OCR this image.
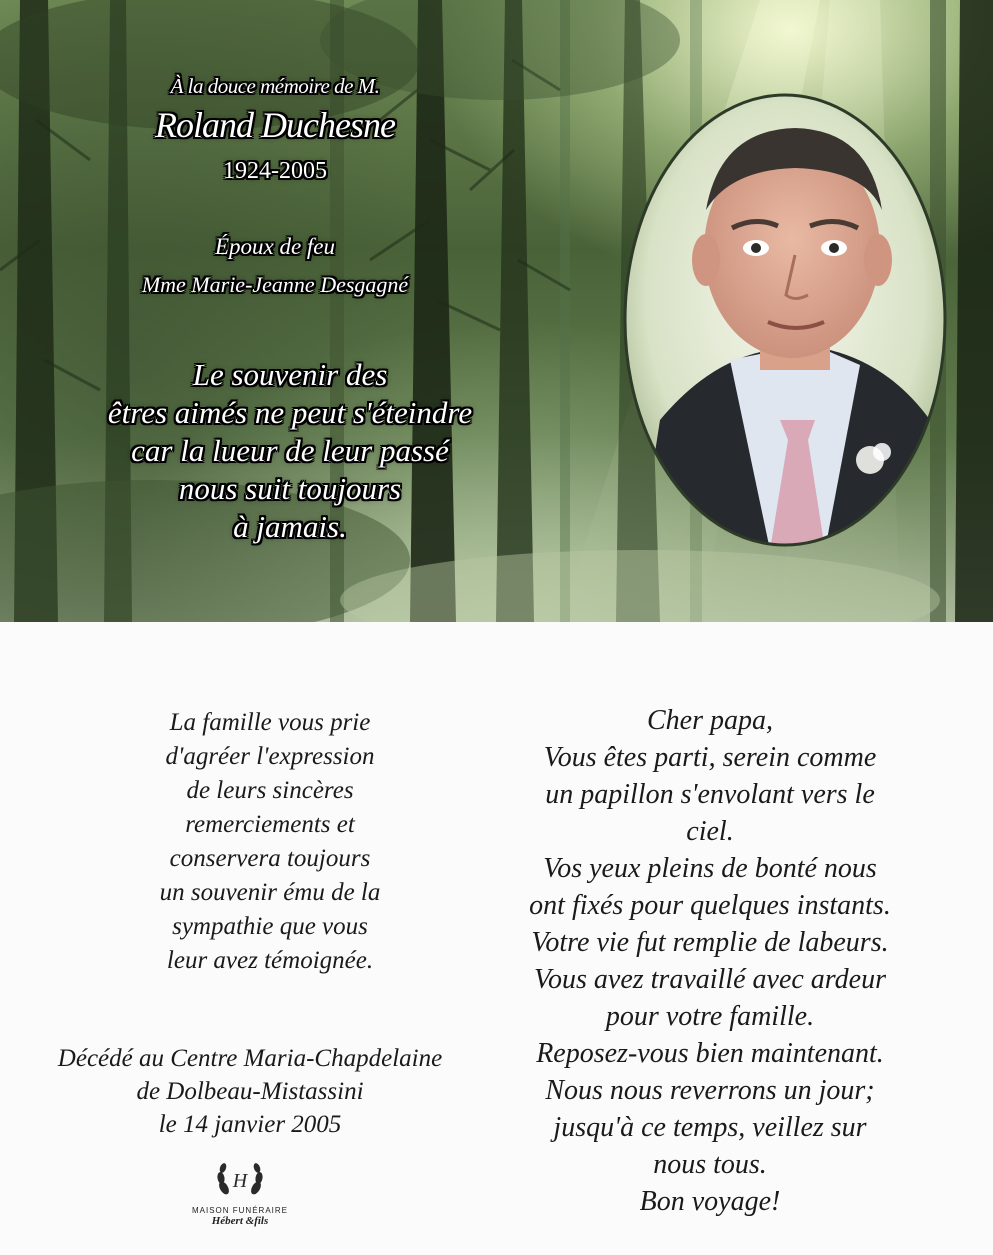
À la douce mémoire de M.
Roland Duchesne
1924-2005
Époux de feu
Mme Marie-Jeanne Desgagné
Le souvenir des
êtres aimés ne peut s'éteindre
car la lueur de leur passé
nous suit toujours
à jamais.
La famille vous prie
d'agréer l'expression
de leurs sincères
remerciements et
conservera toujours
un souvenir ému de la
sympathie que vous
leur avez témoignée.
Décédé au Centre Maria-Chapdelaine
de Dolbeau-Mistassini
le 14 janvier 2005
H
MAISON FUNÉRAIRE
Hébert &fils
Cher papa,
Vous êtes parti, serein comme
un papillon s'envolant vers le
ciel.
Vos yeux pleins de bonté nous
ont fixés pour quelques instants.
Votre vie fut remplie de labeurs.
Vous avez travaillé avec ardeur
pour votre famille.
Reposez-vous bien maintenant.
Nous nous reverrons un jour;
jusqu'à ce temps, veillez sur
nous tous.
Bon voyage!
